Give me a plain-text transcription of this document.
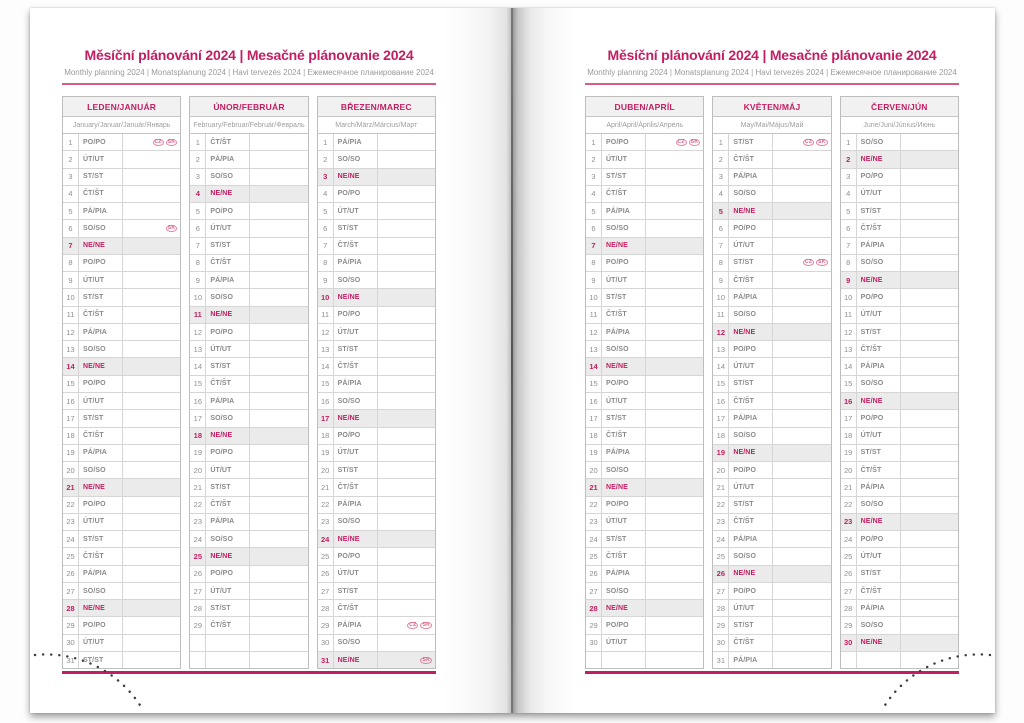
Měsíční plánování 2024 | Mesačné plánovanie 2024
Monthly planning 2024 | Monatsplanung 2024 | Havi tervezés 2024 | Ежемесячное планирование 2024
LEDEN/JANUÁR
January/Januar/Január/Январь
1	PO/PO	CZ	SK
2	ÚT/UT
3	ST/ST
4	ČT/ŠT
5	PÁ/PIA
6	SO/SO	SK
7	NE/NE
8	PO/PO
9	ÚT/UT
10	ST/ST
11	ČT/ŠT
12	PÁ/PIA
13	SO/SO
14	NE/NE
15	PO/PO
16	ÚT/UT
17	ST/ST
18	ČT/ŠT
19	PÁ/PIA
20	SO/SO
21	NE/NE
22	PO/PO
23	ÚT/UT
24	ST/ST
25	ČT/ŠT
26	PÁ/PIA
27	SO/SO
28	NE/NE
29	PO/PO
30	ÚT/UT
31	ST/ST
ÚNOR/FEBRUÁR
February/Februar/Február/Февраль
1	ČT/ŠT
2	PÁ/PIA
3	SO/SO
4	NE/NE
5	PO/PO
6	ÚT/UT
7	ST/ST
8	ČT/ŠT
9	PÁ/PIA
10	SO/SO
11	NE/NE
12	PO/PO
13	ÚT/UT
14	ST/ST
15	ČT/ŠT
16	PÁ/PIA
17	SO/SO
18	NE/NE
19	PO/PO
20	ÚT/UT
21	ST/ST
22	ČT/ŠT
23	PÁ/PIA
24	SO/SO
25	NE/NE
26	PO/PO
27	ÚT/UT
28	ST/ST
29	ČT/ŠT
BŘEZEN/MAREC
March/März/Március/Март
1	PÁ/PIA
2	SO/SO
3	NE/NE
4	PO/PO
5	ÚT/UT
6	ST/ST
7	ČT/ŠT
8	PÁ/PIA
9	SO/SO
10	NE/NE
11	PO/PO
12	ÚT/UT
13	ST/ST
14	ČT/ŠT
15	PÁ/PIA
16	SO/SO
17	NE/NE
18	PO/PO
19	ÚT/UT
20	ST/ST
21	ČT/ŠT
22	PÁ/PIA
23	SO/SO
24	NE/NE
25	PO/PO
26	ÚT/UT
27	ST/ST
28	ČT/ŠT
29	PÁ/PIA	CZ	SK
30	SO/SO
31	NE/NE	SK
Měsíční plánování 2024 | Mesačné plánovanie 2024
Monthly planning 2024 | Monatsplanung 2024 | Havi tervezés 2024 | Ежемесячное планирование 2024
DUBEN/APRÍL
April/April/Április/Апрель
1	PO/PO	CZ	SK
2	ÚT/UT
3	ST/ST
4	ČT/ŠT
5	PÁ/PIA
6	SO/SO
7	NE/NE
8	PO/PO
9	ÚT/UT
10	ST/ST
11	ČT/ŠT
12	PÁ/PIA
13	SO/SO
14	NE/NE
15	PO/PO
16	ÚT/UT
17	ST/ST
18	ČT/ŠT
19	PÁ/PIA
20	SO/SO
21	NE/NE
22	PO/PO
23	ÚT/UT
24	ST/ST
25	ČT/ŠT
26	PÁ/PIA
27	SO/SO
28	NE/NE
29	PO/PO
30	ÚT/UT
KVĚTEN/MÁJ
May/Mai/Május/Май
1	ST/ST	CZ	SK
2	ČT/ŠT
3	PÁ/PIA
4	SO/SO
5	NE/NE
6	PO/PO
7	ÚT/UT
8	ST/ST	CZ	SK
9	ČT/ŠT
10	PÁ/PIA
11	SO/SO
12	NE/NE
13	PO/PO
14	ÚT/UT
15	ST/ST
16	ČT/ŠT
17	PÁ/PIA
18	SO/SO
19	NE/NE
20	PO/PO
21	ÚT/UT
22	ST/ST
23	ČT/ŠT
24	PÁ/PIA
25	SO/SO
26	NE/NE
27	PO/PO
28	ÚT/UT
29	ST/ST
30	ČT/ŠT
31	PÁ/PIA
ČERVEN/JÚN
June/Juni/Június/Июнь
1	SO/SO
2	NE/NE
3	PO/PO
4	ÚT/UT
5	ST/ST
6	ČT/ŠT
7	PÁ/PIA
8	SO/SO
9	NE/NE
10	PO/PO
11	ÚT/UT
12	ST/ST
13	ČT/ŠT
14	PÁ/PIA
15	SO/SO
16	NE/NE
17	PO/PO
18	ÚT/UT
19	ST/ST
20	ČT/ŠT
21	PÁ/PIA
22	SO/SO
23	NE/NE
24	PO/PO
25	ÚT/UT
26	ST/ST
27	ČT/ŠT
28	PÁ/PIA
29	SO/SO
30	NE/NE
